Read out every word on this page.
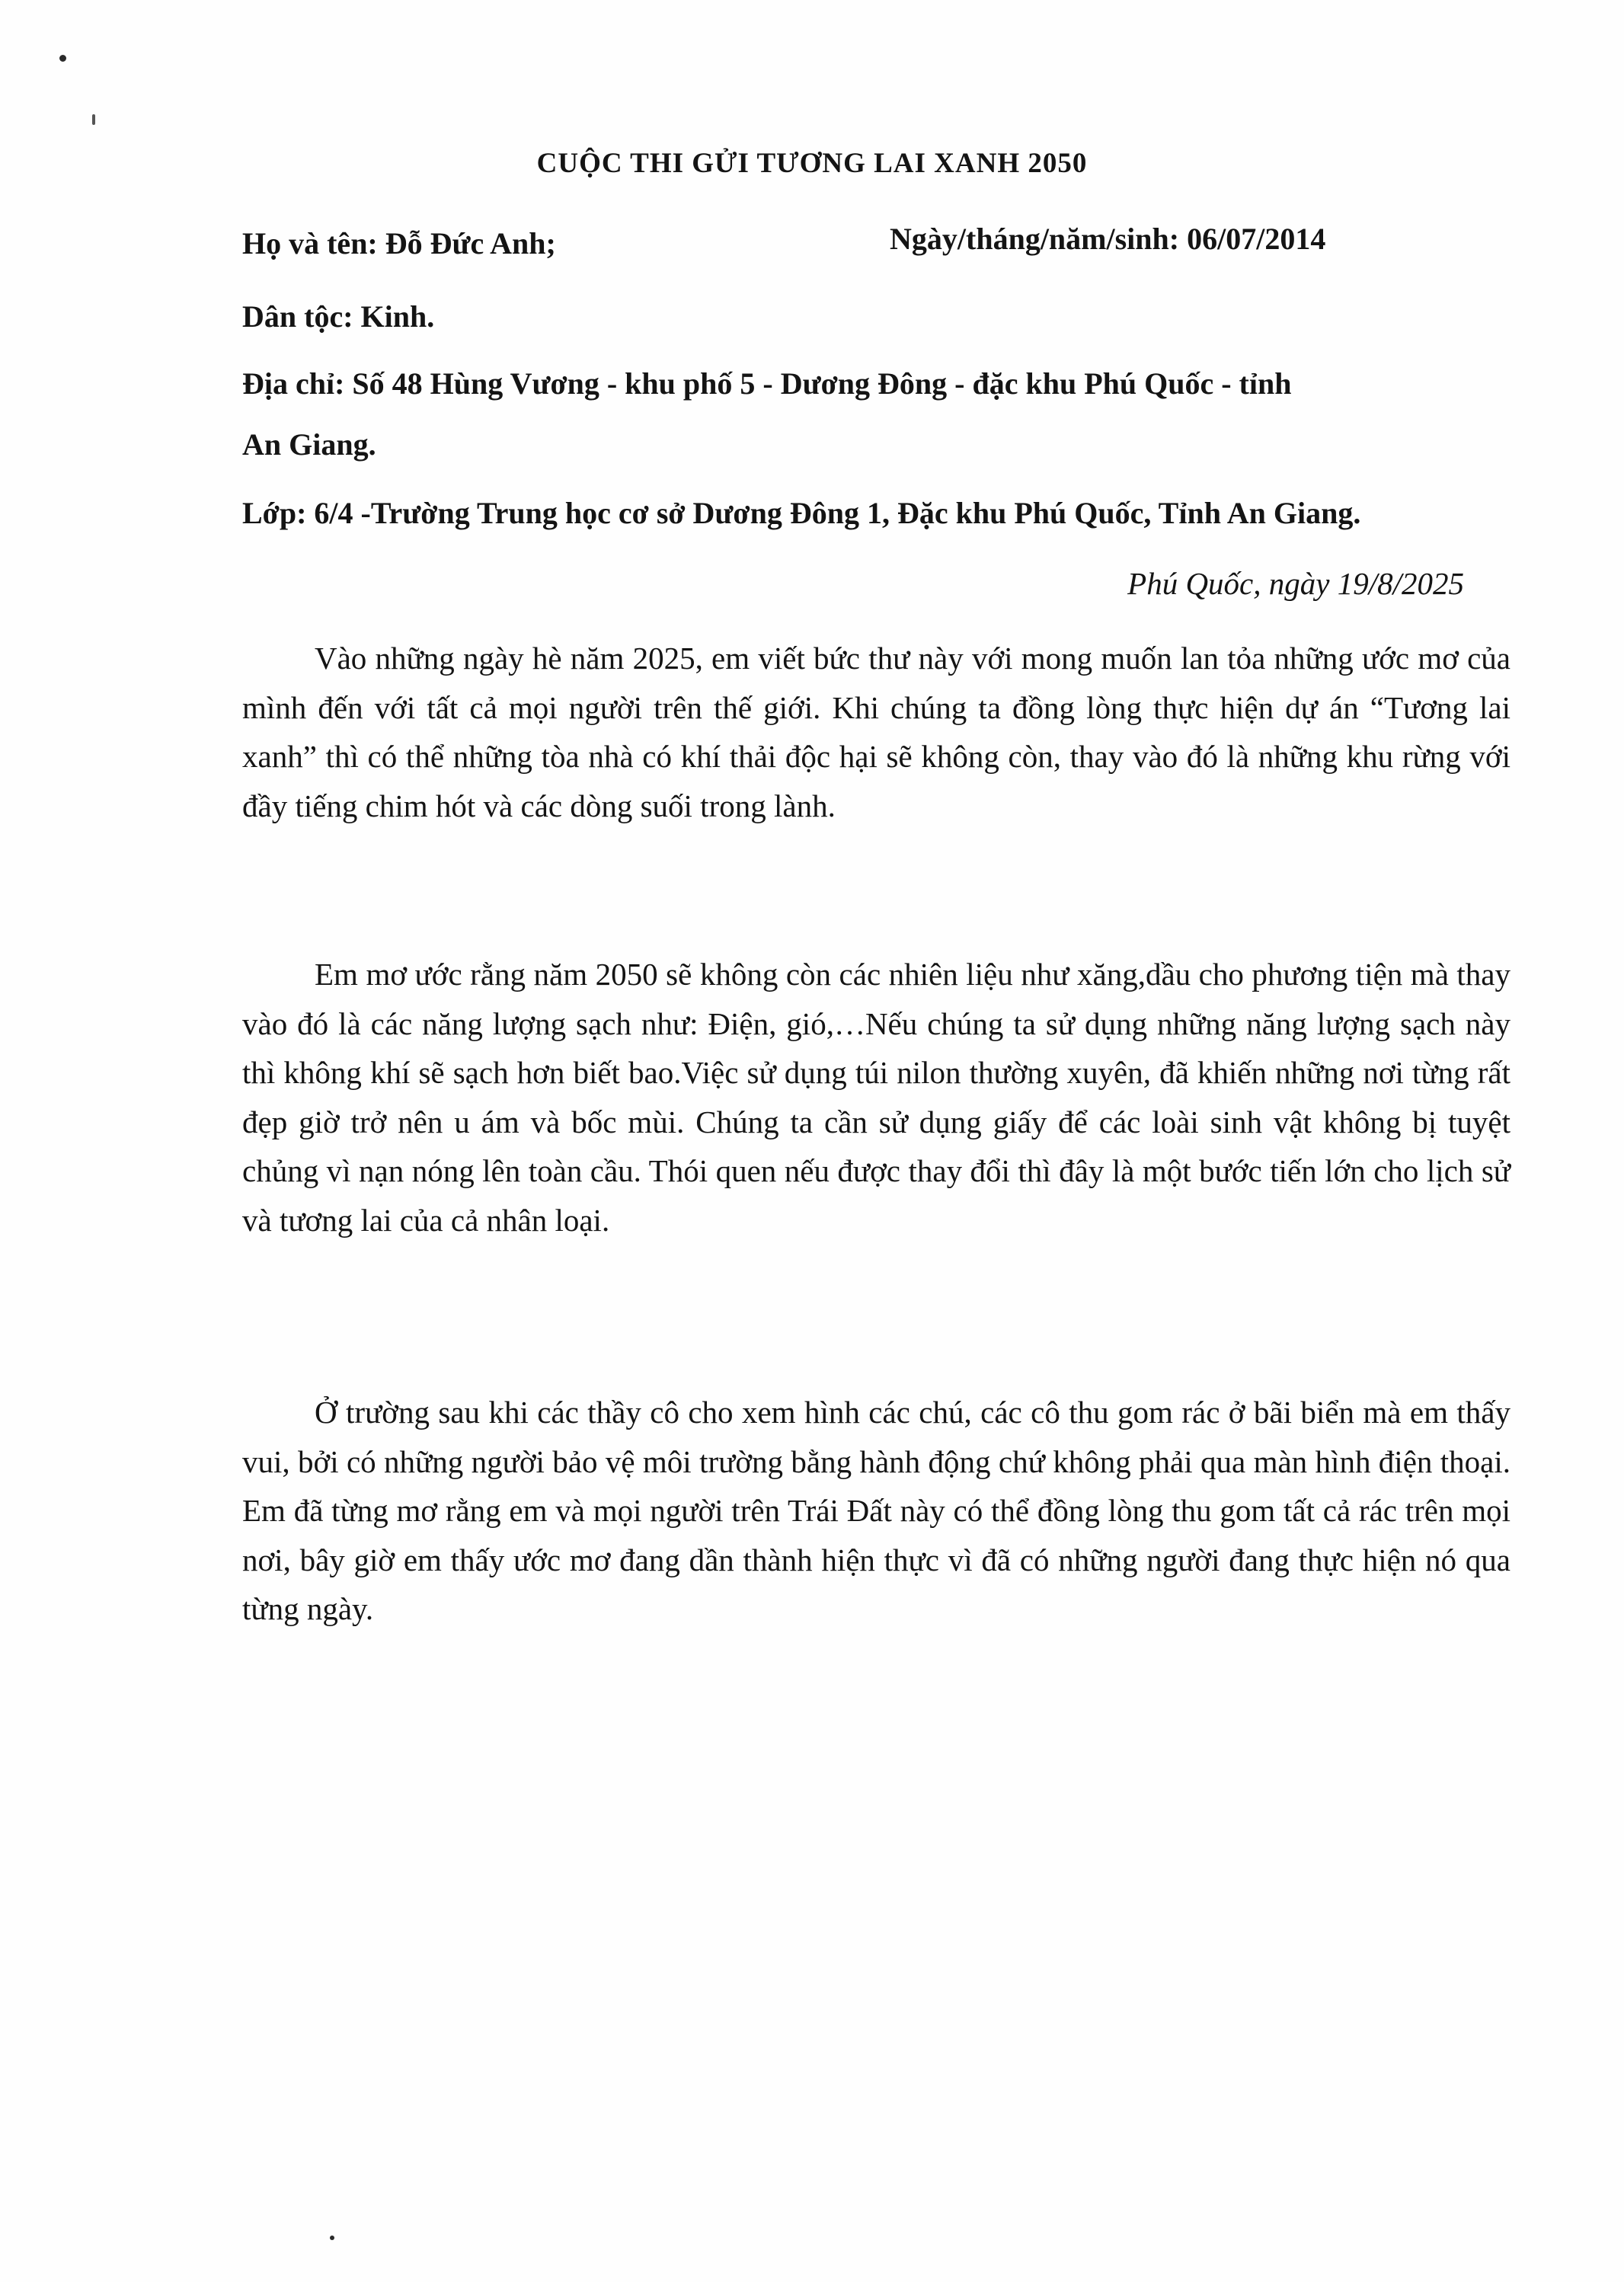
CUỘC THI GỬI TƯƠNG LAI XANH 2050
Họ và tên: Đỗ Đức Anh;	Ngày/tháng/năm/sinh: 06/07/2014
Dân tộc: Kinh.
Địa chỉ: Số 48 Hùng Vương - khu phố 5 - Dương Đông - đặc khu Phú Quốc - tỉnh
An Giang.
Lớp: 6/4 -Trường Trung học cơ sở Dương Đông 1, Đặc khu Phú Quốc, Tỉnh An Giang.
Phú Quốc, ngày 19/8/2025

Vào những ngày hè năm 2025, em viết bức thư này với mong muốn lan tỏa những ước mơ của mình đến với tất cả mọi người trên thế giới. Khi chúng ta đồng lòng thực hiện dự án “Tương lai xanh” thì có thể những tòa nhà có khí thải độc hại sẽ không còn, thay vào đó là những khu rừng với đầy tiếng chim hót và các dòng suối trong lành.

Em mơ ước rằng năm 2050 sẽ không còn các nhiên liệu như xăng,dầu cho phương tiện mà thay vào đó là các năng lượng sạch như: Điện, gió,…Nếu chúng ta sử dụng những năng lượng sạch này thì không khí sẽ sạch hơn biết bao.Việc sử dụng túi nilon thường xuyên, đã khiến những nơi từng rất đẹp giờ trở nên u ám và bốc mùi. Chúng ta cần sử dụng giấy để các loài sinh vật không bị tuyệt chủng vì nạn nóng lên toàn cầu. Thói quen nếu được thay đổi thì đây là một bước tiến lớn cho lịch sử và tương lai của cả nhân loại.

Ở trường sau khi các thầy cô cho xem hình các chú, các cô thu gom rác ở bãi biển mà em thấy vui, bởi có những người bảo vệ môi trường bằng hành động chứ không phải qua màn hình điện thoại. Em đã từng mơ rằng em và mọi người trên Trái Đất này có thể đồng lòng thu gom tất cả rác trên mọi nơi, bây giờ em thấy ước mơ đang dần thành hiện thực vì đã có những người đang thực hiện nó qua từng ngày.
